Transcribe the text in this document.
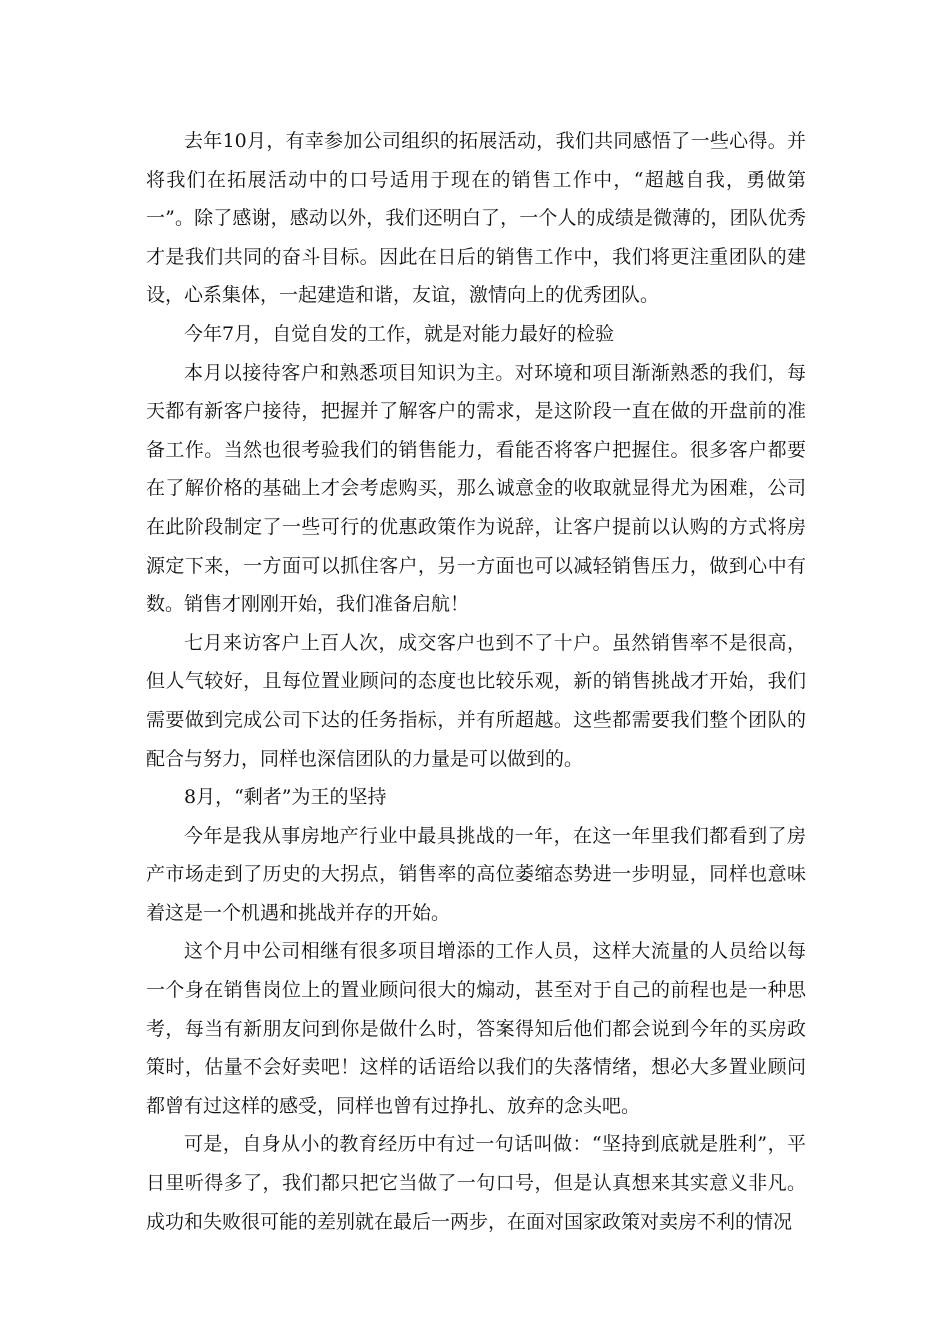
去年10月，有幸参加公司组织的拓展活动，我们共同感悟了一些心得。并将我们在拓展活动中的口号适用于现在的销售工作中，“超越自我，勇做第一”。除了感谢，感动以外，我们还明白了，一个人的成绩是微薄的，团队优秀才是我们共同的奋斗目标。因此在日后的销售工作中，我们将更注重团队的建设，心系集体，一起建造和谐，友谊，激情向上的优秀团队。

今年7月，自觉自发的工作，就是对能力最好的检验

本月以接待客户和熟悉项目知识为主。对环境和项目渐渐熟悉的我们，每天都有新客户接待，把握并了解客户的需求，是这阶段一直在做的开盘前的准备工作。当然也很考验我们的销售能力，看能否将客户把握住。很多客户都要在了解价格的基础上才会考虑购买，那么诚意金的收取就显得尤为困难，公司在此阶段制定了一些可行的优惠政策作为说辞，让客户提前以认购的方式将房源定下来，一方面可以抓住客户，另一方面也可以减轻销售压力，做到心中有数。销售才刚刚开始，我们准备启航！

七月来访客户上百人次，成交客户也到不了十户。虽然销售率不是很高，但人气较好，且每位置业顾问的态度也比较乐观，新的销售挑战才开始，我们需要做到完成公司下达的任务指标，并有所超越。这些都需要我们整个团队的配合与努力，同样也深信团队的力量是可以做到的。

8月，“剩者”为王的坚持

今年是我从事房地产行业中最具挑战的一年，在这一年里我们都看到了房产市场走到了历史的大拐点，销售率的高位萎缩态势进一步明显，同样也意味着这是一个机遇和挑战并存的开始。

这个月中公司相继有很多项目增添的工作人员，这样大流量的人员给以每一个身在销售岗位上的置业顾问很大的煽动，甚至对于自己的前程也是一种思考，每当有新朋友问到你是做什么时，答案得知后他们都会说到今年的买房政策时，估量不会好卖吧！这样的话语给以我们的失落情绪，想必大多置业顾问都曾有过这样的感受，同样也曾有过挣扎、放弃的念头吧。

可是，自身从小的教育经历中有过一句话叫做：“坚持到底就是胜利”，平日里听得多了，我们都只把它当做了一句口号，但是认真想来其实意义非凡。成功和失败很可能的差别就在最后一两步，在面对国家政策对卖房不利的情况
